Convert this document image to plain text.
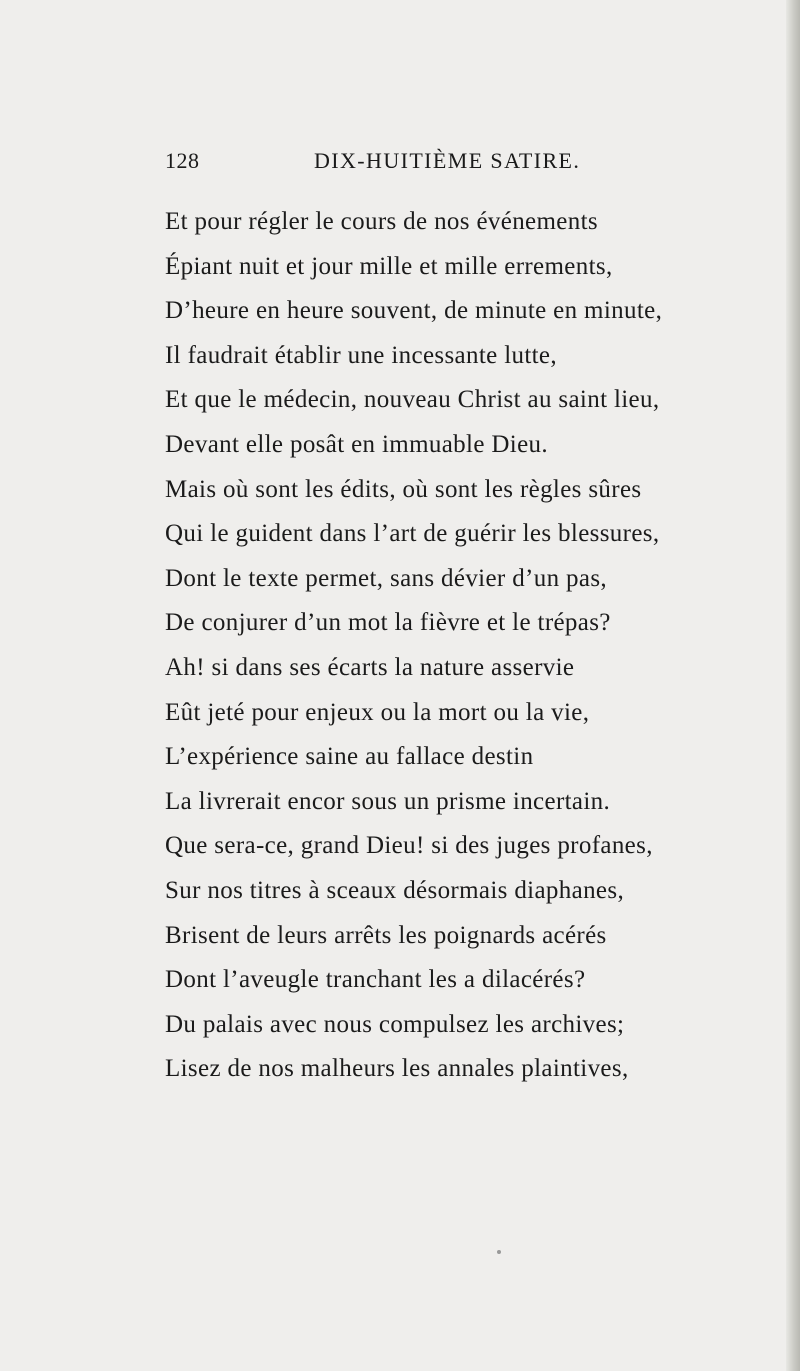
128	DIX-HUITIÈME SATIRE.
Et pour régler le cours de nos événements
Épiant nuit et jour mille et mille errements,
D’heure en heure souvent, de minute en minute,
Il faudrait établir une incessante lutte,
Et que le médecin, nouveau Christ au saint lieu,
Devant elle posât en immuable Dieu.
Mais où sont les édits, où sont les règles sûres
Qui le guident dans l’art de guérir les blessures,
Dont le texte permet, sans dévier d’un pas,
De conjurer d’un mot la fièvre et le trépas?
Ah! si dans ses écarts la nature asservie
Eût jeté pour enjeux ou la mort ou la vie,
L’expérience saine au fallace destin
La livrerait encor sous un prisme incertain.
Que sera-ce, grand Dieu! si des juges profanes,
Sur nos titres à sceaux désormais diaphanes,
Brisent de leurs arrêts les poignards acérés
Dont l’aveugle tranchant les a dilacérés?
Du palais avec nous compulsez les archives;
Lisez de nos malheurs les annales plaintives,
